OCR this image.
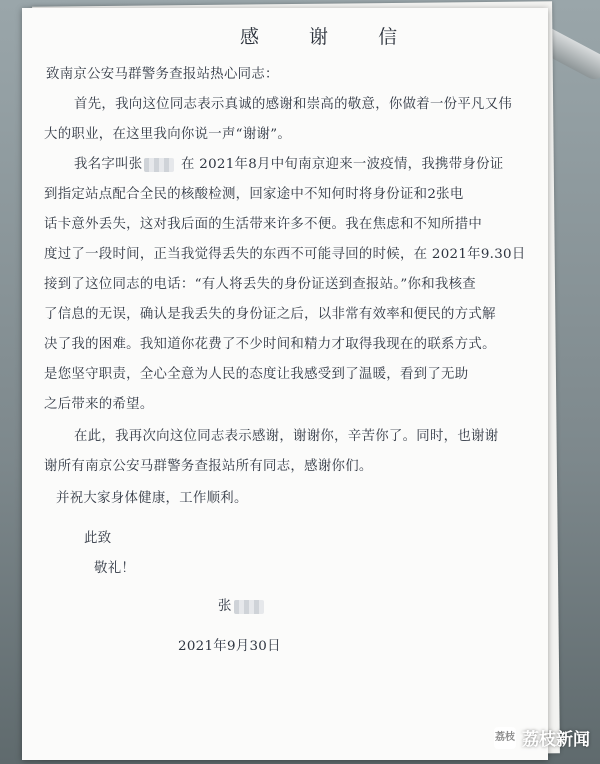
感 谢 信
致南京公安马群警务查报站热心同志：
首先，我向这位同志表示真诚的感谢和崇高的敬意，你做着一份平凡又伟
大的职业，在这里我向你说一声“谢谢”。
我名字叫张	在 2021年8月中旬南京迎来一波疫情，我携带身份证
到指定站点配合全民的核酸检测，回家途中不知何时将身份证和2张电
话卡意外丢失，这对我后面的生活带来许多不便。我在焦虑和不知所措中
度过了一段时间，正当我觉得丢失的东西不可能寻回的时候，在 2021年9.30日
接到了这位同志的电话：“有人将丢失的身份证送到查报站。”你和我核查
了信息的无误，确认是我丢失的身份证之后，以非常有效率和便民的方式解
决了我的困难。我知道你花费了不少时间和精力才取得我现在的联系方式。
是您坚守职责，全心全意为人民的态度让我感受到了温暖，看到了无助
之后带来的希望。
在此，我再次向这位同志表示感谢，谢谢你，辛苦你了。同时，也谢谢
谢所有南京公安马群警务查报站所有同志，感谢你们。
并祝大家身体健康，工作顺利。
此致
敬礼！
张
2021年9月30日
荔枝 荔枝新闻
